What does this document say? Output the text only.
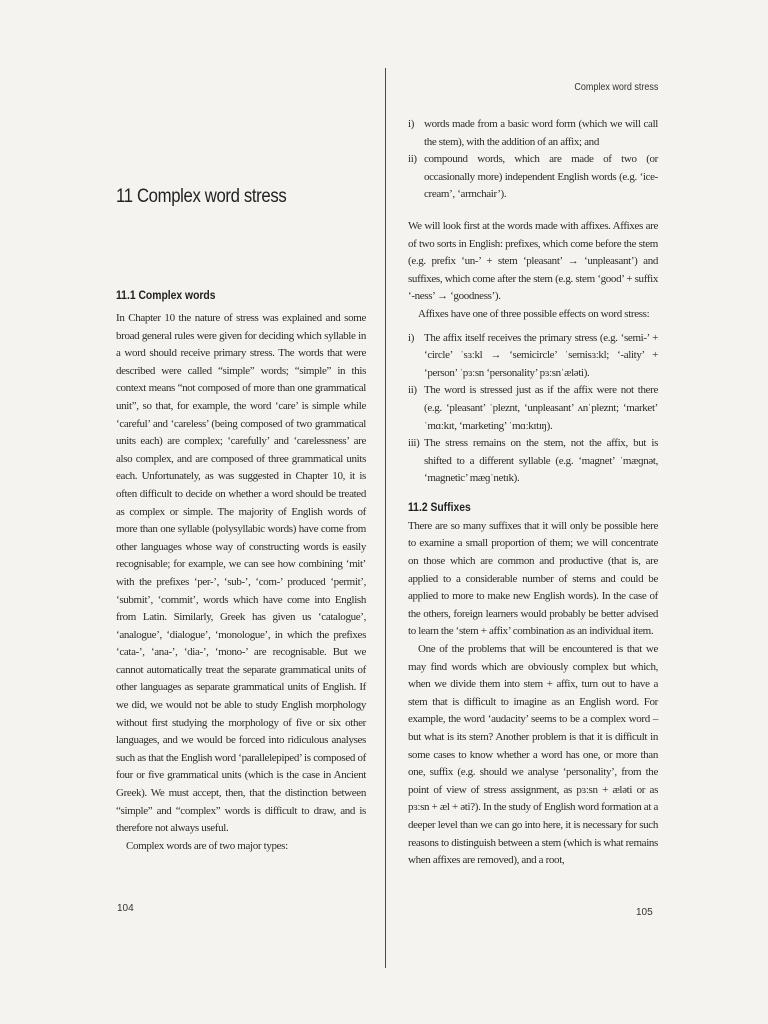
11 Complex word stress
11.1 Complex words

In Chapter 10 the nature of stress was explained and some broad general rules were given for deciding which syllable in a word should receive primary stress. The words that were described were called “simple” words; “simple” in this context means “not composed of more than one grammatical unit”, so that, for example, the word ‘care’ is simple while ‘careful’ and ‘careless’ (being composed of two grammatical units each) are complex; ‘carefully’ and ‘carelessness’ are also complex, and are composed of three grammatical units each. Unfortunately, as was suggested in Chapter 10, it is often difficult to decide on whether a word should be treated as complex or simple. The majority of English words of more than one syllable (polysyllabic words) have come from other languages whose way of constructing words is easily recognisable; for example, we can see how combining ‘mit’ with the prefixes ‘per-’, ‘sub-’, ‘com-’ produced ‘permit’, ‘submit’, ‘commit’, words which have come into English from Latin. Similarly, Greek has given us ‘catalogue’, ‘analogue’, ‘dialogue’, ‘monologue’, in which the prefixes ‘cata-’, ‘ana-’, ‘dia-’, ‘mono-’ are recognisable. But we cannot automatically treat the separate grammatical units of other languages as separate grammatical units of English. If we did, we would not be able to study English morphology without first studying the morphology of five or six other languages, and we would be forced into ridiculous analyses such as that the English word ‘parallelepiped’ is composed of four or five grammatical units (which is the case in Ancient Greek). We must accept, then, that the distinction between “simple” and “complex” words is difficult to draw, and is therefore not always useful.

Complex words are of two major types:

104
Complex word stress
i) words made from a basic word form (which we will call the stem), with the addition of an affix; and
ii) compound words, which are made of two (or occasionally more) independent English words (e.g. ‘ice-cream’, ‘armchair’).

We will look first at the words made with affixes. Affixes are of two sorts in English: prefixes, which come before the stem (e.g. prefix ‘un-’ + stem ‘pleasant’ → ‘unpleasant’) and suffixes, which come after the stem (e.g. stem ‘good’ + suffix ‘-ness’ → ‘goodness’).

Affixes have one of three possible effects on word stress:

i) The affix itself receives the primary stress (e.g. ‘semi-’ + ‘circle’ ˈsɜːkl → ‘semicircle’ ˈsemisɜːkl; ‘-ality’ + ‘person’ ˈpɜːsn ‘personality’ pɜːsnˈæləti).
ii) The word is stressed just as if the affix were not there (e.g. ‘pleasant’ ˈpleznt, ‘unpleasant’ ʌnˈpleznt; ‘market’ ˈmɑːkɪt, ‘marketing’ ˈmɑːkɪtɪŋ).
iii) The stress remains on the stem, not the affix, but is shifted to a different syllable (e.g. ‘magnet’ ˈmæɡnət, ‘magnetic’ mæɡˈnetɪk).
11.2 Suffixes

There are so many suffixes that it will only be possible here to examine a small proportion of them; we will concentrate on those which are common and productive (that is, are applied to a considerable number of stems and could be applied to more to make new English words). In the case of the others, foreign learners would probably be better advised to learn the ‘stem + affix’ combination as an individual item.

One of the problems that will be encountered is that we may find words which are obviously complex but which, when we divide them into stem + affix, turn out to have a stem that is difficult to imagine as an English word. For example, the word ‘audacity’ seems to be a complex word – but what is its stem? Another problem is that it is difficult in some cases to know whether a word has one, or more than one, suffix (e.g. should we analyse ‘personality’, from the point of view of stress assignment, as pɜːsn + æləti or as pɜːsn + æl + əti?). In the study of English word formation at a deeper level than we can go into here, it is necessary for such reasons to distinguish between a stem (which is what remains when affixes are removed), and a root,

105
